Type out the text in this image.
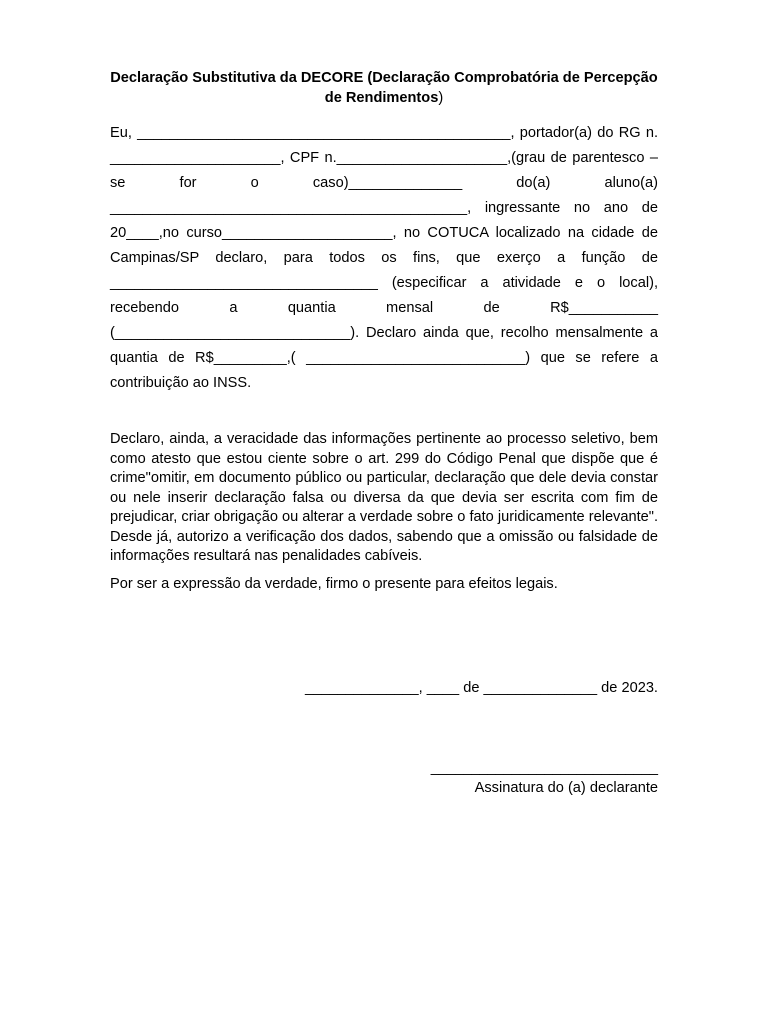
Declaração Substitutiva da DECORE (Declaração Comprobatória de Percepção de Rendimentos)

Eu, ______________________________________________, portador(a) do RG n. _____________________, CPF n._____________________,(grau de parentesco – se for o caso)______________ do(a) aluno(a) ____________________________________________, ingressante no ano de 20____,no curso_____________________, no COTUCA localizado na cidade de Campinas/SP declaro, para todos os fins, que exerço a função de _________________________________ (especificar a atividade e o local), recebendo a quantia mensal de R$___________ (_____________________________). Declaro ainda que, recolho mensalmente a quantia de R$_________,( ___________________________) que se refere a contribuição ao INSS.

Declaro, ainda, a veracidade das informações pertinente ao processo seletivo, bem como atesto que estou ciente sobre o art. 299 do Código Penal que dispõe que é crime"omitir, em documento público ou particular, declaração que dele devia constar ou nele inserir declaração falsa ou diversa da que devia ser escrita com fim de prejudicar, criar obrigação ou alterar a verdade sobre o fato juridicamente relevante". Desde já, autorizo a verificação dos dados, sabendo que a omissão ou falsidade de informações resultará nas penalidades cabíveis.

Por ser a expressão da verdade, firmo o presente para efeitos legais.

______________, ____ de ______________ de 2023.
____________________________
Assinatura do (a) declarante
